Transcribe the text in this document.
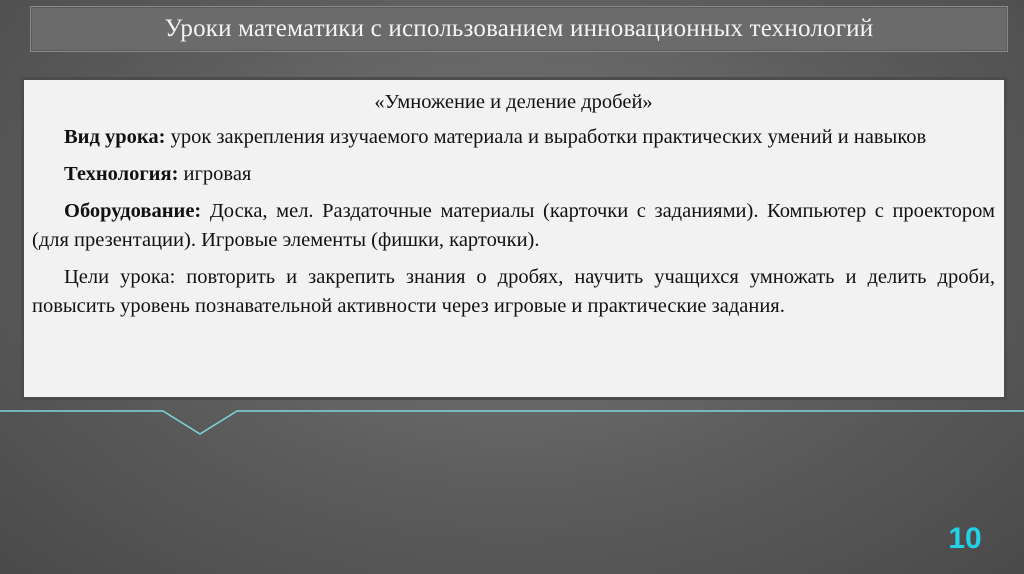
Уроки математики с использованием инновационных технологий
«Умножение и деление дробей»

Вид урока: урок закрепления изучаемого материала и выработки практических умений и навыков

Технология: игровая

Оборудование: Доска, мел. Раздаточные материалы (карточки с заданиями). Компьютер с проектором (для презентации). Игровые элементы (фишки, карточки).

Цели урока: повторить и закрепить знания о дробях, научить учащихся умножать и делить дроби, повысить уровень познавательной активности через игровые и практические задания.

10
